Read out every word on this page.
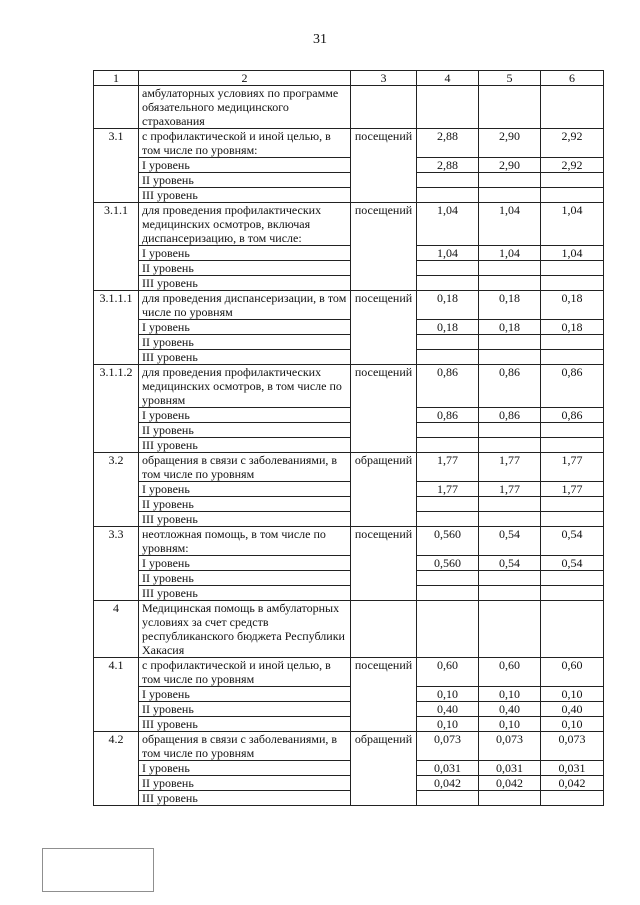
31
1	2	3	4	5	6
	амбулаторных условиях по программе обязательного медицинского страхования				
3.1	с профилактической и иной целью, в том числе по уровням:	посещений	2,88	2,90	2,92
	I уровень		2,88	2,90	2,92
	II уровень				
	III уровень				
3.1.1	для проведения профилактических медицинских осмотров, включая диспансеризацию, в том числе:	посещений	1,04	1,04	1,04
	I уровень		1,04	1,04	1,04
	II уровень				
	III уровень				
3.1.1.1	для проведения диспансеризации, в том числе по уровням	посещений	0,18	0,18	0,18
	I уровень		0,18	0,18	0,18
	II уровень				
	III уровень				
3.1.1.2	для проведения профилактических медицинских осмотров, в том числе по уровням	посещений	0,86	0,86	0,86
	I уровень		0,86	0,86	0,86
	II уровень				
	III уровень				
3.2	обращения в связи с заболеваниями, в том числе по уровням	обращений	1,77	1,77	1,77
	I уровень		1,77	1,77	1,77
	II уровень				
	III уровень				
3.3	неотложная помощь, в том числе по уровням:	посещений	0,560	0,54	0,54
	I уровень		0,560	0,54	0,54
	II уровень				
	III уровень				
4	Медицинская помощь в амбулаторных условиях за счет средств республиканского бюджета Республики Хакасия				
4.1	с профилактической и иной целью, в том числе по уровням	посещений	0,60	0,60	0,60
	I уровень		0,10	0,10	0,10
	II уровень		0,40	0,40	0,40
	III уровень		0,10	0,10	0,10
4.2	обращения в связи с заболеваниями, в том числе по уровням	обращений	0,073	0,073	0,073
	I уровень		0,031	0,031	0,031
	II уровень		0,042	0,042	0,042
	III уровень				
